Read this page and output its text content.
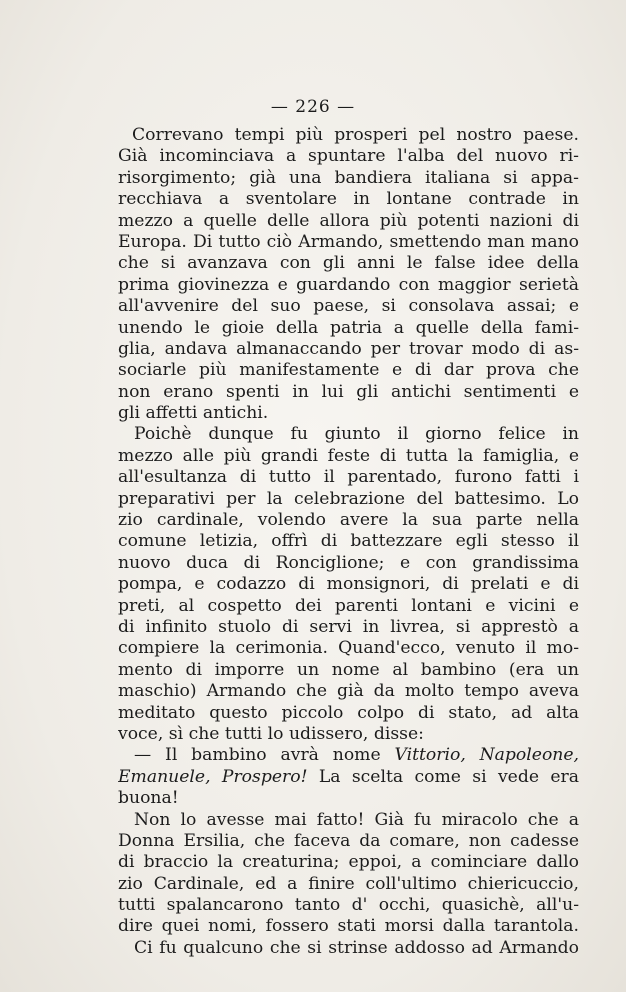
— 226 —
Correvano tempi più prosperi pel nostro paese.
Già incominciava a spuntare l'alba del nuovo ri-
risorgimento; già una bandiera italiana si appa-
recchiava a sventolare in lontane contrade in
mezzo a quelle delle allora più potenti nazioni di
Europa. Di tutto ciò Armando, smettendo man mano
che si avanzava con gli anni le false idee della
prima giovinezza e guardando con maggior serietà
all'avvenire del suo paese, si consolava assai; e
unendo le gioie della patria a quelle della fami-
glia, andava almanaccando per trovar modo di as-
sociarle più manifestamente e di dar prova che
non erano spenti in lui gli antichi sentimenti e
gli affetti antichi.
Poichè dunque fu giunto il giorno felice in
mezzo alle più grandi feste di tutta la famiglia, e
all'esultanza di tutto il parentado, furono fatti i
preparativi per la celebrazione del battesimo. Lo
zio cardinale, volendo avere la sua parte nella
comune letizia, offrì di battezzare egli stesso il
nuovo duca di Ronciglione; e con grandissima
pompa, e codazzo di monsignori, di prelati e di
preti, al cospetto dei parenti lontani e vicini e
di infinito stuolo di servi in livrea, si apprestò a
compiere la cerimonia. Quand'ecco, venuto il mo-
mento di imporre un nome al bambino (era un
maschio) Armando che già da molto tempo aveva
meditato questo piccolo colpo di stato, ad alta
voce, sì che tutti lo udissero, disse:
— Il bambino avrà nome Vittorio, Napoleone,
Emanuele, Prospero! La scelta come si vede era
buona!
Non lo avesse mai fatto! Già fu miracolo che a
Donna Ersilia, che faceva da comare, non cadesse
di braccio la creaturina; eppoi, a cominciare dallo
zio Cardinale, ed a finire coll'ultimo chiericuccio,
tutti spalancarono tanto d' occhi, quasichè, all'u-
dire quei nomi, fossero stati morsi dalla tarantola.
Ci fu qualcuno che si strinse addosso ad Armando
